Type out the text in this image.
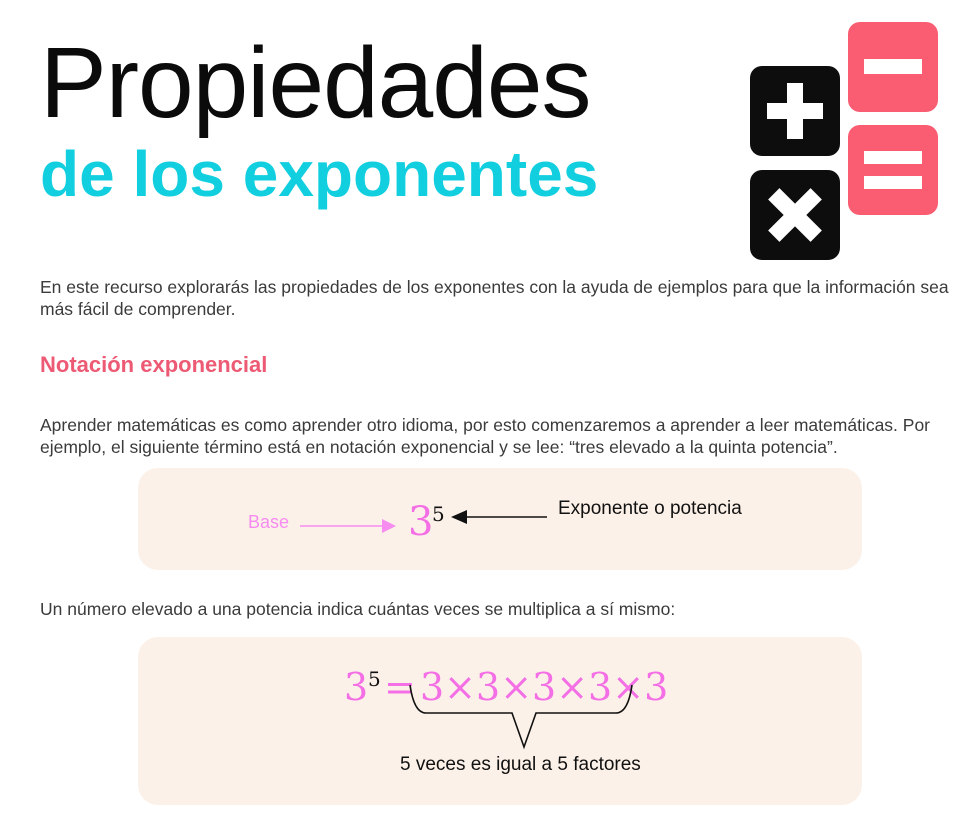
Propiedades
de los exponentes

En este recurso explorarás las propiedades de los exponentes con la ayuda de ejemplos para que la información sea más fácil de comprender.

Notación exponencial

Aprender matemáticas es como aprender otro idioma, por esto comenzaremos a aprender a leer matemáticas. Por ejemplo, el siguiente término está en notación exponencial y se lee: “tres elevado a la quinta potencia”.

Base	3
5	Exponente o potencia

Un número elevado a una potencia indica cuántas veces se multiplica a sí mismo:

3 5 = 3×3×3×3×3
5 veces es igual a 5 factores
